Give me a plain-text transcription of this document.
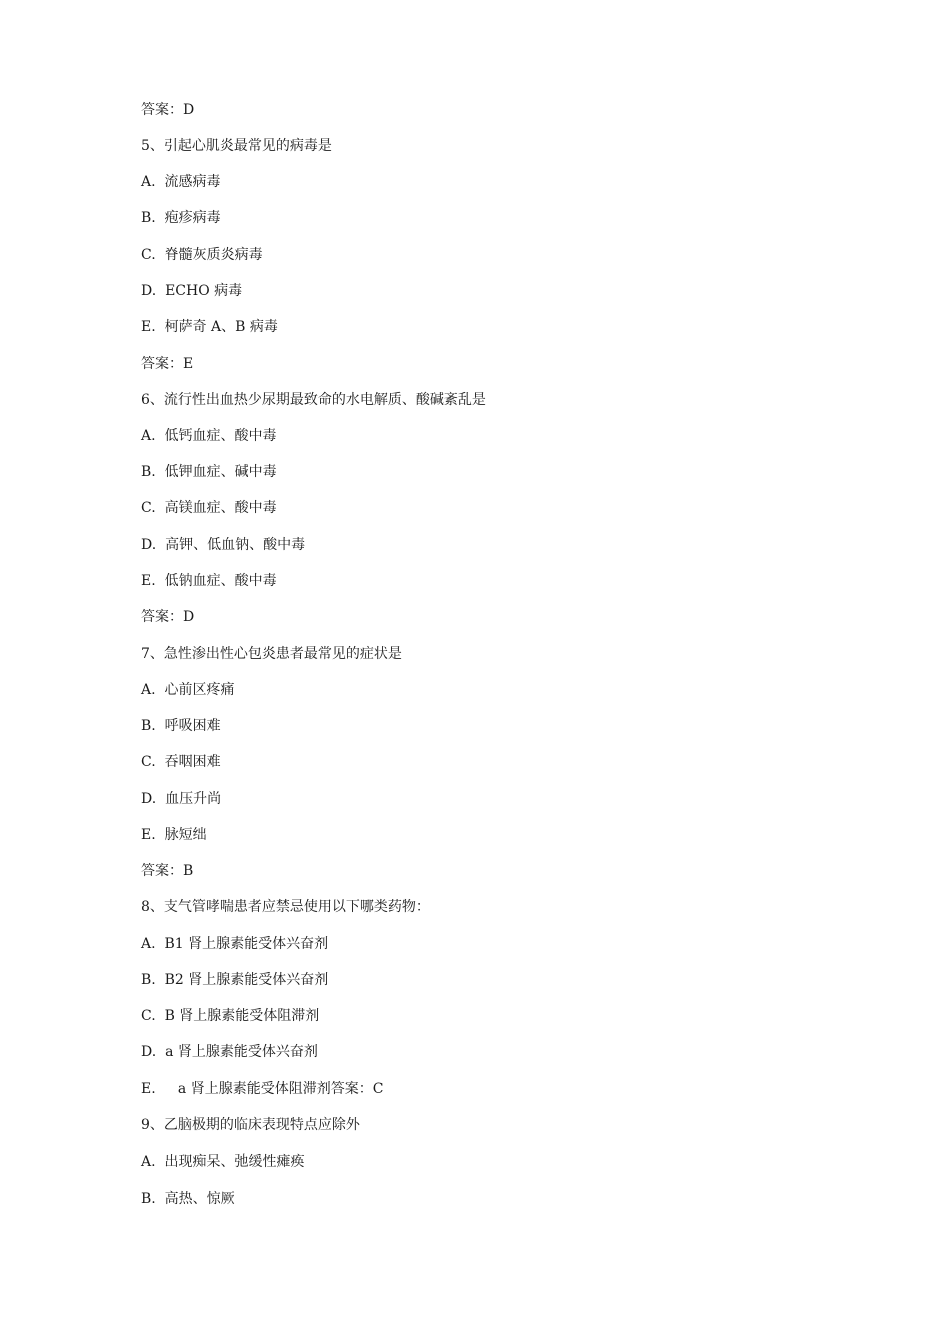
答案：D

5、引起心肌炎最常见的病毒是

A.  流感病毒

B.  疱疹病毒

C.  脊髓灰质炎病毒

D.  ECHO 病毒

E.  柯萨奇 A、B 病毒

答案：E

6、流行性出血热少尿期最致命的水电解质、酸碱紊乱是

A.  低钙血症、酸中毒

B.  低钾血症、碱中毒

C.  高镁血症、酸中毒

D.  高钾、低血钠、酸中毒

E.  低钠血症、酸中毒

答案：D

7、急性渗出性心包炎患者最常见的症状是

A.  心前区疼痛

B.  呼吸困难

C.  吞咽困难

D.  血压升尚

E.  脉短绌

答案：B

8、支气管哮喘患者应禁忌使用以下哪类药物：

A.  B1 肾上腺素能受体兴奋剂

B.  B2 肾上腺素能受体兴奋剂

C.  B 肾上腺素能受体阻滞剂

D.  a 肾上腺素能受体兴奋剂

E.     a 肾上腺素能受体阻滞剂答案：C

9、乙脑极期的临床表现特点应除外

A.  出现痴呆、弛缓性瘫痪

B.  高热、惊厥
